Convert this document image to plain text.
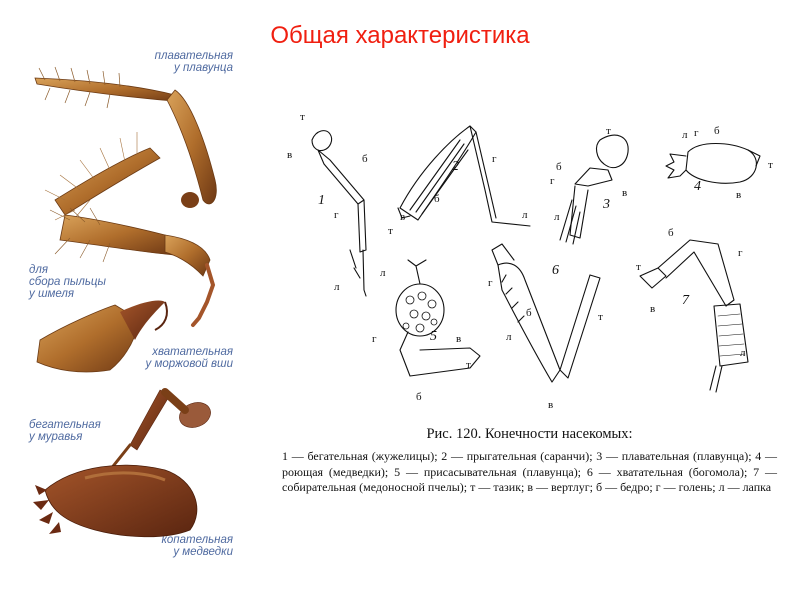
Общая характеристика
плавательная
у плавунца
для
сбора пыльцы
у шмеля
хватательная
у моржовой вши
бегательная
у муравья
копательная
у медведки
1
2
3
4
5
6
7
т
в	б
г
л
г
б
в
т
л
т
б
г
в
л
л г б
т
в
л
г	в
т
б
г
б
л
т
в
б
г
т
в
л
Рис. 120. Конечности насекомых:
1 — бегательная (жужелицы); 2 — прыгательная (саранчи); 3 — плавательная (плавунца); 4 — роющая (медведки); 5 — присасывательная (плавунца); 6 — хватательная (богомола); 7 — собирательная (медоносной пчелы); т — тазик; в — вертлуг; б — бедро; г — голень; л — лапка
